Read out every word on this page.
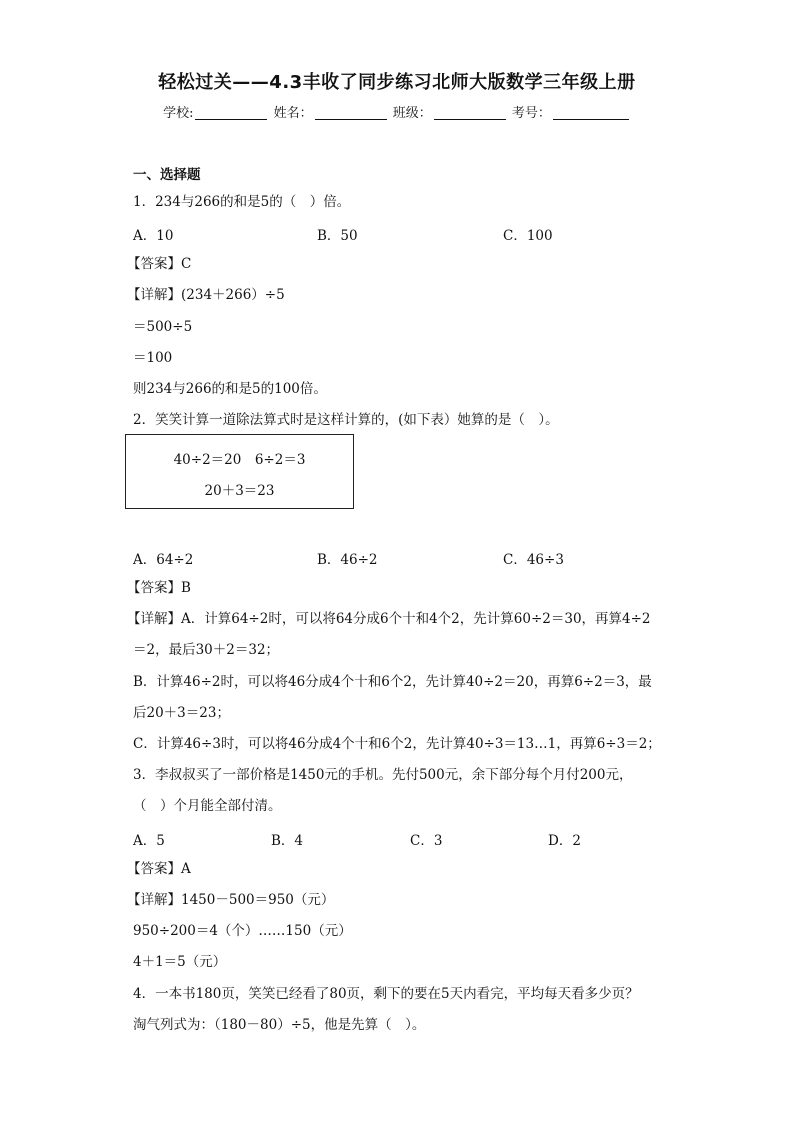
轻松过关——4.3丰收了同步练习北师大版数学三年级上册
学校:	姓名：	班级：	考号：
一、选择题
1．234与266的和是5的（　）倍。
A．10	B．50	C．100
【答案】C
【详解】(234＋266）÷5
＝500÷5
＝100
则234与266的和是5的100倍。
2．笑笑计算一道除法算式时是这样计算的，(如下表）她算的是（　）。
40÷2＝20　6÷2＝3
20＋3＝23
A．64÷2	B．46÷2	C．46÷3
【答案】B
【详解】A．计算64÷2时，可以将64分成6个十和4个2，先计算60÷2＝30，再算4÷2
＝2，最后30＋2＝32；
B．计算46÷2时，可以将46分成4个十和6个2，先计算40÷2＝20，再算6÷2＝3，最
后20＋3＝23；
C．计算46÷3时，可以将46分成4个十和6个2，先计算40÷3＝13…1，再算6÷3＝2；
3．李叔叔买了一部价格是1450元的手机。先付500元，余下部分每个月付200元，
（　）个月能全部付清。
A．5	B．4	C．3	D．2
【答案】A
【详解】1450－500＝950（元）
950÷200＝4（个）……150（元）
4＋1＝5（元）
4．一本书180页，笑笑已经看了80页，剩下的要在5天内看完，平均每天看多少页？
淘气列式为：（180－80）÷5，他是先算（　）。
